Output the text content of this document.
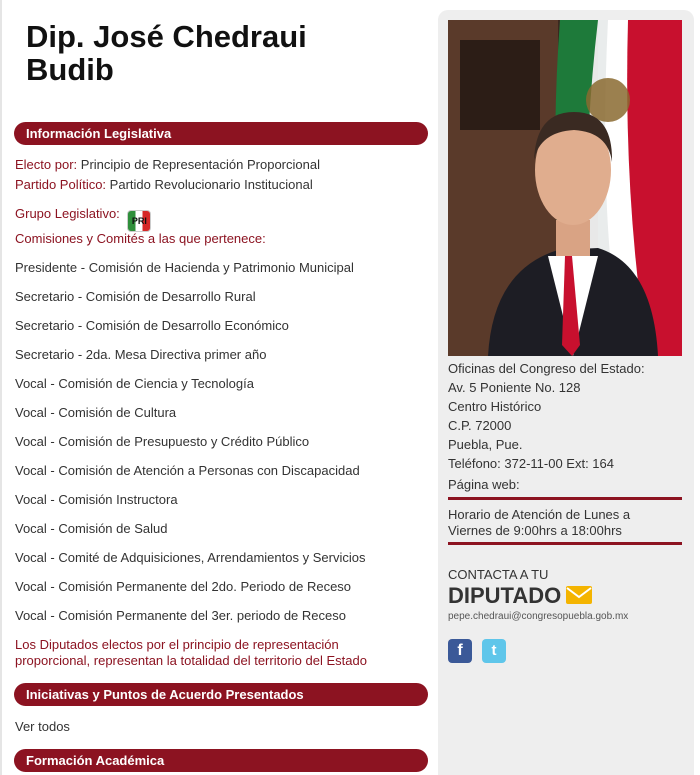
Dip. José Chedraui Budib
Información Legislativa
Electo por: Principio de Representación Proporcional
Partido Político: Partido Revolucionario Institucional
Grupo Legislativo: PRI
Comisiones y Comités a las que pertenece:
Presidente - Comisión de Hacienda y Patrimonio Municipal
Secretario - Comisión de Desarrollo Rural
Secretario - Comisión de Desarrollo Económico
Secretario - 2da. Mesa Directiva primer año
Vocal - Comisión de Ciencia y Tecnología
Vocal - Comisión de Cultura
Vocal - Comisión de Presupuesto y Crédito Público
Vocal - Comisión de Atención a Personas con Discapacidad
Vocal - Comisión Instructora
Vocal - Comisión de Salud
Vocal - Comité de Adquisiciones, Arrendamientos y Servicios
Vocal - Comisión Permanente del 2do. Periodo de Receso
Vocal - Comisión Permanente del 3er. periodo de Receso
Los Diputados electos por el principio de representación
proporcional, representan la totalidad del territorio del Estado
Iniciativas y Puntos de Acuerdo Presentados
Ver todos
Formación Académica
Oficinas del Congreso del Estado:
Av. 5 Poniente No. 128
Centro Histórico
C.P. 72000
Puebla, Pue.
Teléfono: 372-11-00 Ext: 164
Página web:
Horario de Atención de Lunes a
Viernes de 9:00hrs a 18:00hrs
CONTACTA A TU
DIPUTADO
pepe.chedraui@congresopuebla.gob.mx
f	t
